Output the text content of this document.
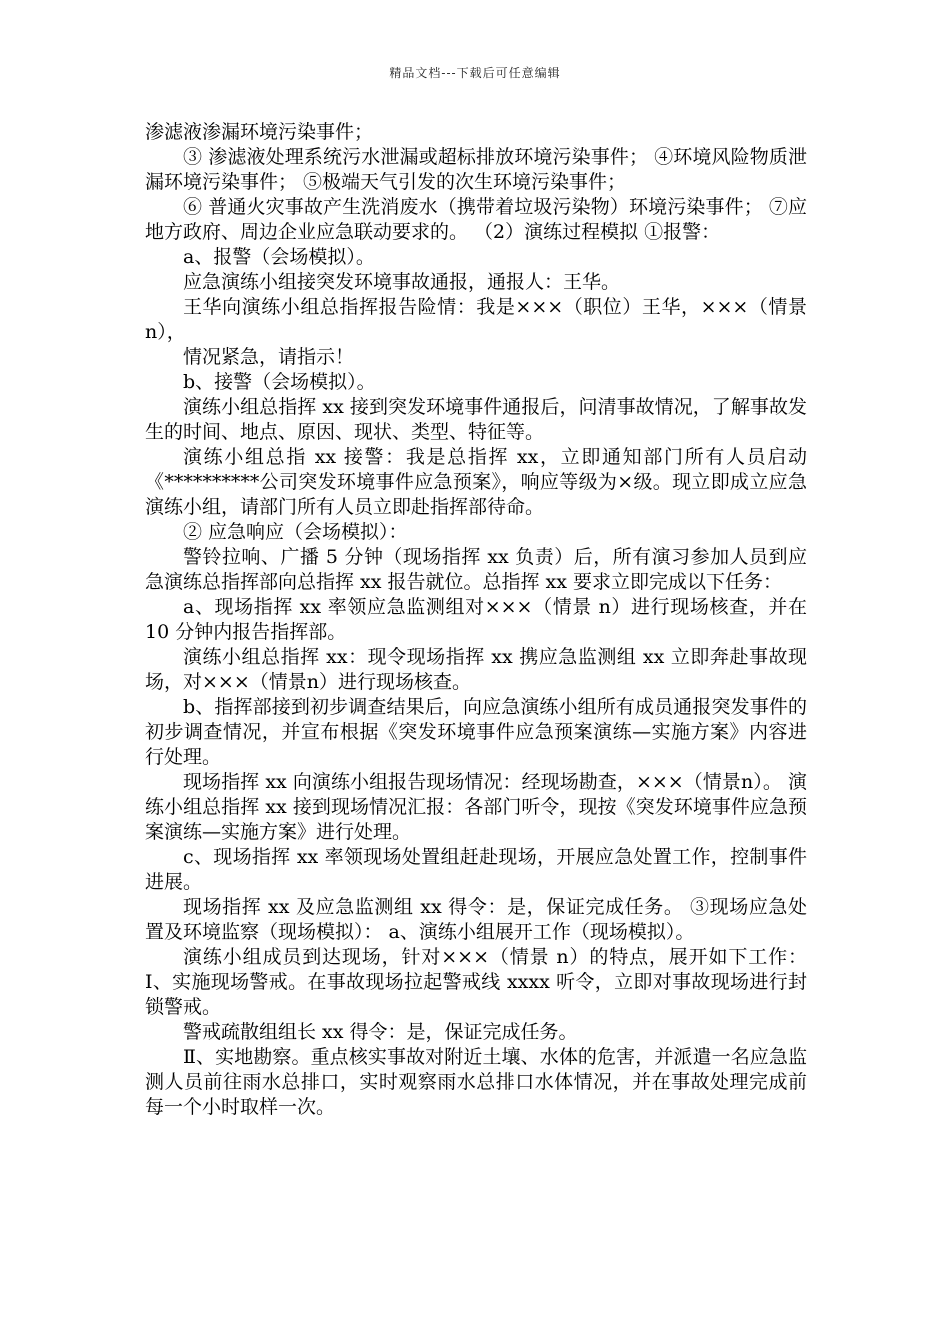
精品文档---下载后可任意编辑

渗滤液渗漏环境污染事件；

③ 渗滤液处理系统污水泄漏或超标排放环境污染事件； ④环境风险物质泄漏环境污染事件； ⑤极端天气引发的次生环境污染事件；

⑥ 普通火灾事故产生洗消废水（携带着垃圾污染物）环境污染事件； ⑦应地方政府、周边企业应急联动要求的。 （2）演练过程模拟 ①报警：

a、报警（会场模拟）。

应急演练小组接突发环境事故通报，通报人：王华。

王华向演练小组总指挥报告险情：我是×××（职位）王华，×××（情景n），

情况紧急，请指示！

b、接警（会场模拟）。

演练小组总指挥 xx 接到突发环境事件通报后，问清事故情况，了解事故发生的时间、地点、原因、现状、类型、特征等。

演练小组总指 xx 接警：我是总指挥 xx，立即通知部门所有人员启动《**********公司突发环境事件应急预案》，响应等级为×级。现立即成立应急演练小组，请部门所有人员立即赴指挥部待命。

② 应急响应（会场模拟）：

警铃拉响、广播 5 分钟（现场指挥 xx 负责）后，所有演习参加人员到应急演练总指挥部向总指挥 xx 报告就位。总指挥 xx 要求立即完成以下任务：

a、现场指挥 xx 率领应急监测组对×××（情景 n）进行现场核查，并在 10 分钟内报告指挥部。

演练小组总指挥 xx：现令现场指挥 xx 携应急监测组 xx 立即奔赴事故现场，对×××（情景n）进行现场核查。

b、指挥部接到初步调查结果后，向应急演练小组所有成员通报突发事件的初步调查情况，并宣布根据《突发环境事件应急预案演练—实施方案》内容进行处理。

现场指挥 xx 向演练小组报告现场情况：经现场勘查，×××（情景n）。 演练小组总指挥 xx 接到现场情况汇报：各部门听令，现按《突发环境事件应急预案演练—实施方案》进行处理。

c、现场指挥 xx 率领现场处置组赶赴现场，开展应急处置工作，控制事件进展。

现场指挥 xx 及应急监测组 xx 得令：是，保证完成任务。 ③现场应急处置及环境监察（现场模拟）： a、演练小组展开工作（现场模拟）。

演练小组成员到达现场，针对×××（情景 n）的特点，展开如下工作： Ⅰ、实施现场警戒。在事故现场拉起警戒线 xxxx 听令，立即对事故现场进行封锁警戒。

警戒疏散组组长 xx 得令：是，保证完成任务。

Ⅱ、实地勘察。重点核实事故对附近土壤、水体的危害，并派遣一名应急监测人员前往雨水总排口，实时观察雨水总排口水体情况，并在事故处理完成前每一个小时取样一次。
